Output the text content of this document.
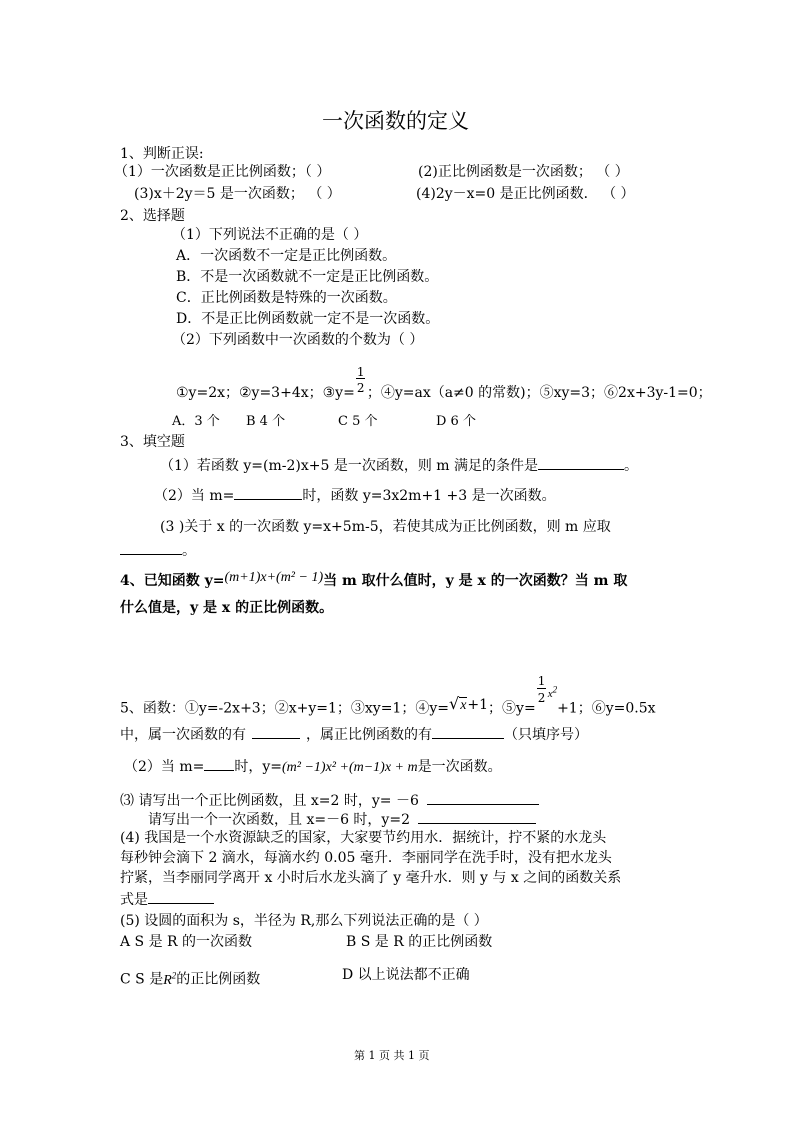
一次函数的定义
1、判断正误:
（1）一次函数是正比例函数；（ ）	(2)正比例函数是一次函数； （ ）
(3)x＋2y＝5 是一次函数； （ ）	(4)2y－x=0 是正比例函数． （ ）
2、选择题
（1）下列说法不正确的是（ ）
A．一次函数不一定是正比例函数。
B．不是一次函数就不一定是正比例函数。
C．正比例函数是特殊的一次函数。
D．不是正比例函数就一定不是一次函数。
（2）下列函数中一次函数的个数为（ ）
①y=2x；②y=3+4x；③y= $\frac{1}{2}$ ；④y=ax（a≠0 的常数)；⑤xy=3；⑥2x+3y-1=0；
A．3 个 B 4 个	C 5 个	D 6 个
3、填空题
（1）若函数 y=(m-2)x+5 是一次函数，则 m 满足的条件是	。
（2）当 m=	时，函数 y=3x2m+1 +3 是一次函数。
(3 )关于 x 的一次函数 y=x+5m-5，若使其成为正比例函数，则 m 应取
。
4、已知函数 y=(m+1)x+(m² − 1)当 m 取什么值时，y 是 x 的一次函数？当 m 取
什么值是，y 是 x 的正比例函数。
5、函数：①y=-2x+3；②x+y=1；③xy=1；④y=√x+1；⑤y=
$\frac{1}{2} ^{x^2}+1$；⑥y=0.5x
中，属一次函数的有	，属正比例函数的有	（只填序号）
（2）当 m= 时，y=(m² −1)x² +(m−1)x + m是一次函数。
⑶ 请写出一个正比例函数，且 x=2 时，y= －6
请写出一个一次函数，且 x=－6 时，y=2
(4) 我国是一个水资源缺乏的国家，大家要节约用水．据统计，拧不紧的水龙头
每秒钟会滴下 2 滴水，每滴水约 0.05 毫升．李丽同学在洗手时，没有把水龙头
拧紧，当李丽同学离开 x 小时后水龙头滴了 y 毫升水．则 y 与 x 之间的函数关系
式是
(5) 设圆的面积为 s，半径为 R,那么下列说法正确的是（ ）
A S 是 R 的一次函数	B S 是 R 的正比例函数
C S 是$R^2$的正比例函数	D 以上说法都不正确
第 1 页 共 1 页
